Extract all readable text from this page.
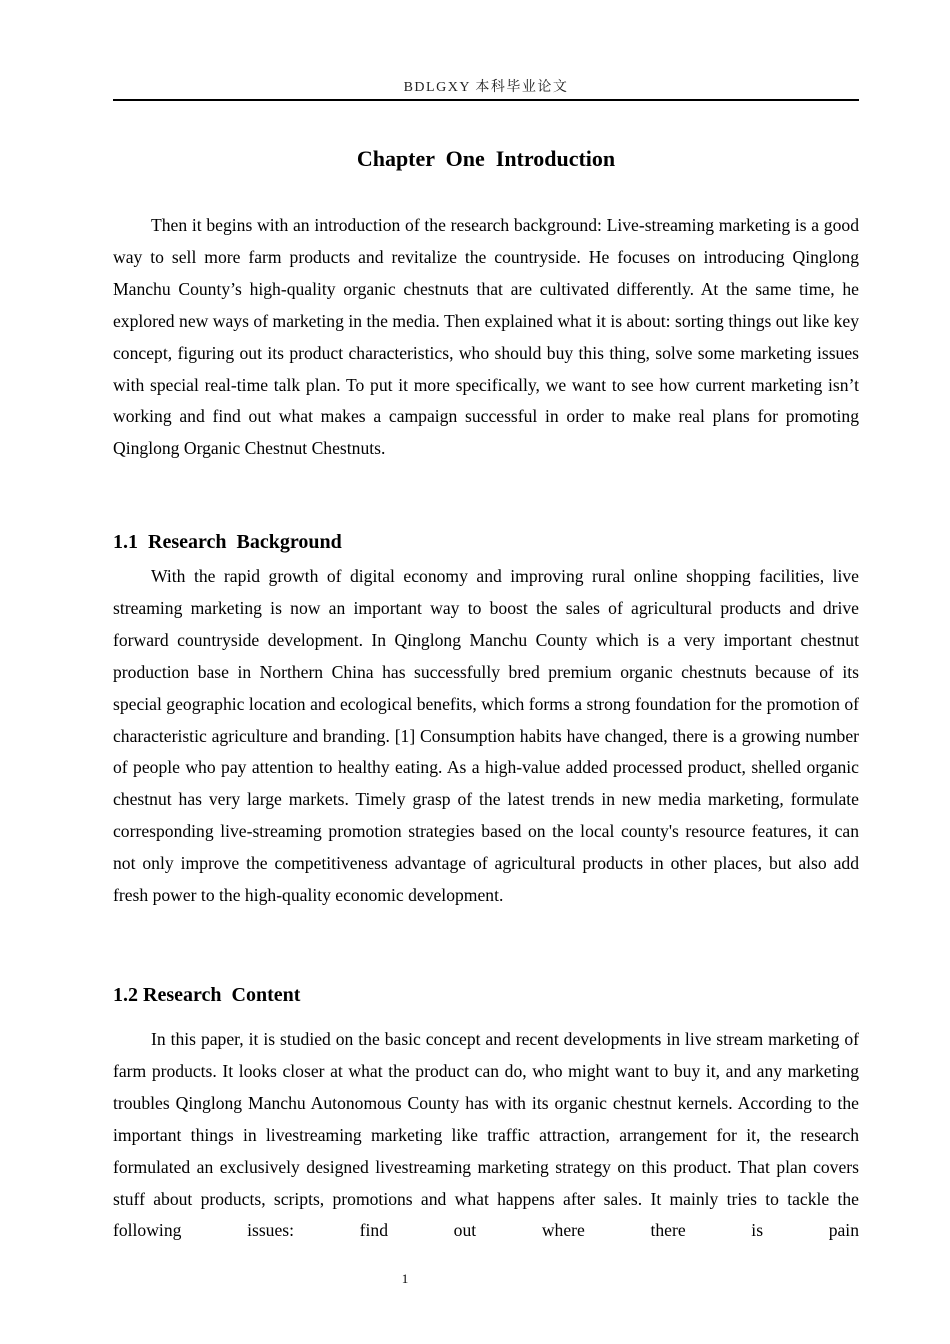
BDLGXY 本科毕业论文
Chapter  One  Introduction

Then it begins with an introduction of the research background: Live-streaming marketing is a good way to sell more farm products and revitalize the countryside. He focuses on introducing Qinglong Manchu County’s high-quality organic chestnuts that are cultivated differently. At the same time, he explored new ways of marketing in the media. Then explained what it is about: sorting things out like key concept, figuring out its product characteristics, who should buy this thing, solve some marketing issues with special real-time talk plan. To put it more specifically, we want to see how current marketing isn’t working and find out what makes a campaign successful in order to make real plans for promoting Qinglong Organic Chestnut Chestnuts.

1.1  Research  Background

With the rapid growth of digital economy and improving rural online shopping facilities, live streaming marketing is now an important way to boost the sales of agricultural products and drive forward countryside development. In Qinglong Manchu County which is a very important chestnut production base in Northern China has successfully bred premium organic chestnuts because of its special geographic location and ecological benefits, which forms a strong foundation for the promotion of characteristic agriculture and branding. [1] Consumption habits have changed, there is a growing number of people who pay attention to healthy eating. As a high-value added processed product, shelled organic chestnut has very large markets. Timely grasp of the latest trends in new media marketing, formulate corresponding live-streaming promotion strategies based on the local county's resource features, it can not only improve the competitiveness advantage of agricultural products in other places, but also add fresh power to the high-quality economic development.

1.2 Research  Content

In this paper, it is studied on the basic concept and recent developments in live stream marketing of farm products. It looks closer at what the product can do, who might want to buy it, and any marketing troubles Qinglong Manchu Autonomous County has with its organic chestnut kernels. According to the important things in livestreaming marketing like traffic attraction, arrangement for it, the research formulated an exclusively designed livestreaming marketing strategy on this product. That plan covers stuff about products, scripts, promotions and what happens after sales. It mainly tries to tackle the following issues: find out where there is pain

1
